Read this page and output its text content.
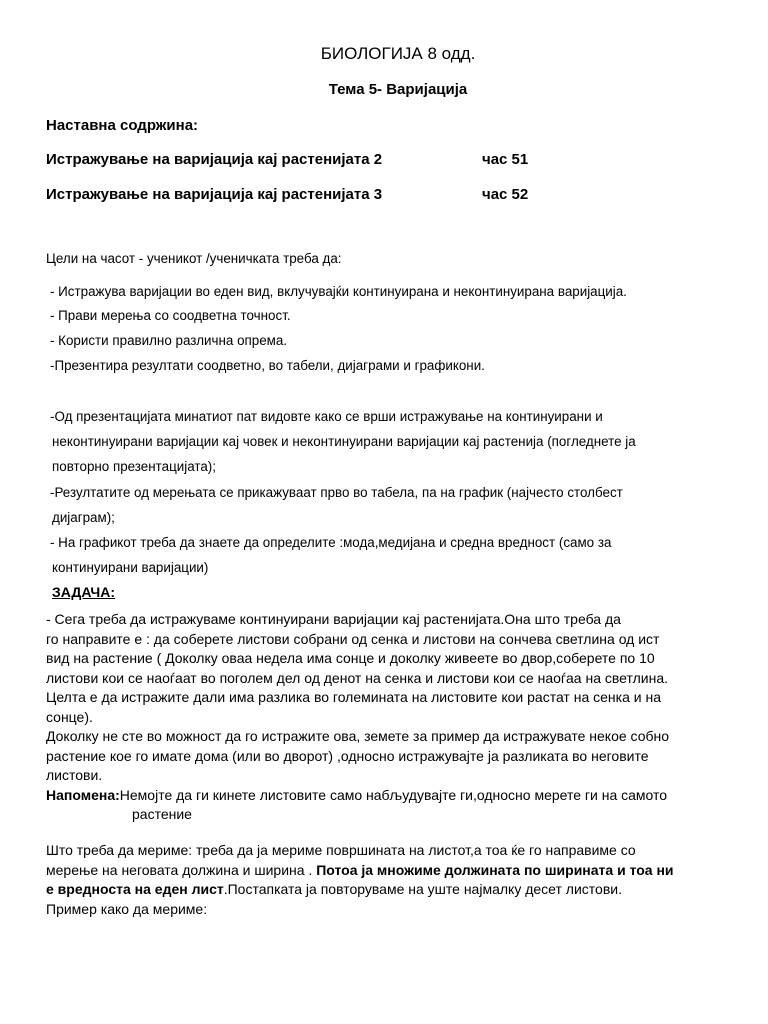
БИОЛОГИЈА 8 одд.
Тема 5- Варијација
Наставна содржина:
Истражување на варијација кај растенијата 2	час 51
Истражување на варијација кај растенијата 3	час 52
Цели на часот - ученикот /ученичката треба да:
- Истражува варијации во еден вид, вклучувајќи континуирана и неконтинуирана варијација.
- Прави мерења со соодветна точност.
- Користи правилно различна опрема.
-Презентира резултати соодветно, во табели, дијаграми и графикони.
-Од презентацијата минатиот пат видовте како се врши истражување на континуирани и
неконтинуирани варијации кај човек и неконтинуирани варијации кај растенија (погледнете ја
повторно презентацијата);
-Резултатите од мерењата се прикажуваат прво во табела, па на график (најчесто столбест
дијаграм);
- На графикот треба да знаете да определите :мода,медијана и средна вредност (само за
континуирани варијации)
ЗАДАЧА:

- Сега треба да истражуваме континуирани варијации кај растенијата.Она што треба да

го направите е : да соберете листови собрани од сенка и листови на сончева светлина од ист

вид на растение ( Доколку оваа недела има сонце и доколку живеете во двор,соберете по 10

листови кои се наоѓаат во поголем дел од денот на сенка и листови кои се наоѓаа на светлина.

Целта е да истражите дали има разлика во големината на листовите кои растат на сенка и на

сонце).

Доколку не сте во можност да го истражите ова, земете за пример да истражувате некое собно

растение кое го имате дома (или во дворот) ,односно истражувајте ја разликата во неговите

листови.

Напомена:Немојте да ги кинете листовите само набљудувајте ги,односно мерете ги на самото

растение

Што треба да мериме: треба да ја мериме површината на листот,а тоа ќе го направиме со

мерење на неговата должина и ширина . Потоа ја множиме должината по ширината и тоа ни

е вредноста на еден лист.Постапката ја повторуваме на уште најмалку десет листови.

Пример како да мериме:
